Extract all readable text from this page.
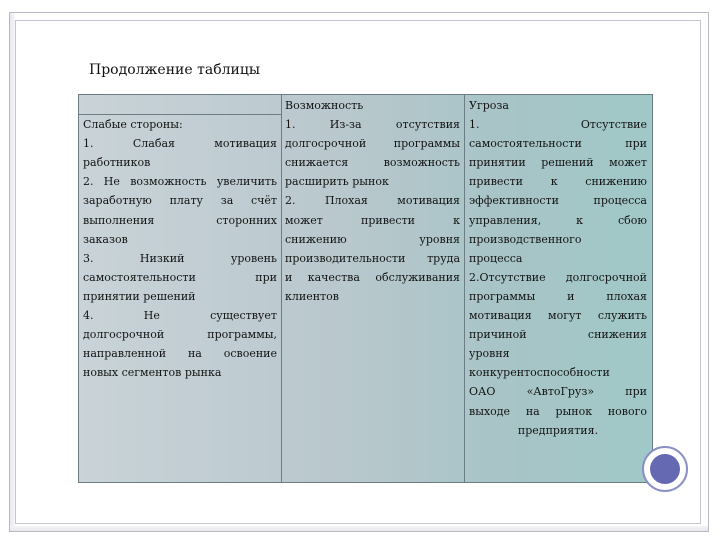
Продолжение таблицы
Слабые стороны:
1. Слабая мотивация
работников
2. Не возможность увеличить
заработную плату за счёт
выполнения сторонних
заказов
3. Низкий уровень
самостоятельности при
принятии решений
4. Не существует
долгосрочной программы,
направленной на освоение
новых сегментов рынка
Возможность
1. Из-за отсутствия
долгосрочной программы
снижается возможность
расширить рынок
2. Плохая мотивация
может привести к
снижению уровня
производительности труда
и качества обслуживания
клиентов
Угроза
1. Отсутствие
самостоятельности при
принятии решений может
привести к снижению
эффективности процесса
управления, к сбою
производственного
процесса
2.Отсутствие долгосрочной
программы и плохая
мотивация могут служить
причиной снижения
уровня
конкурентоспособности
ОАО «АвтоГруз» при
выходе на рынок нового
предприятия.
